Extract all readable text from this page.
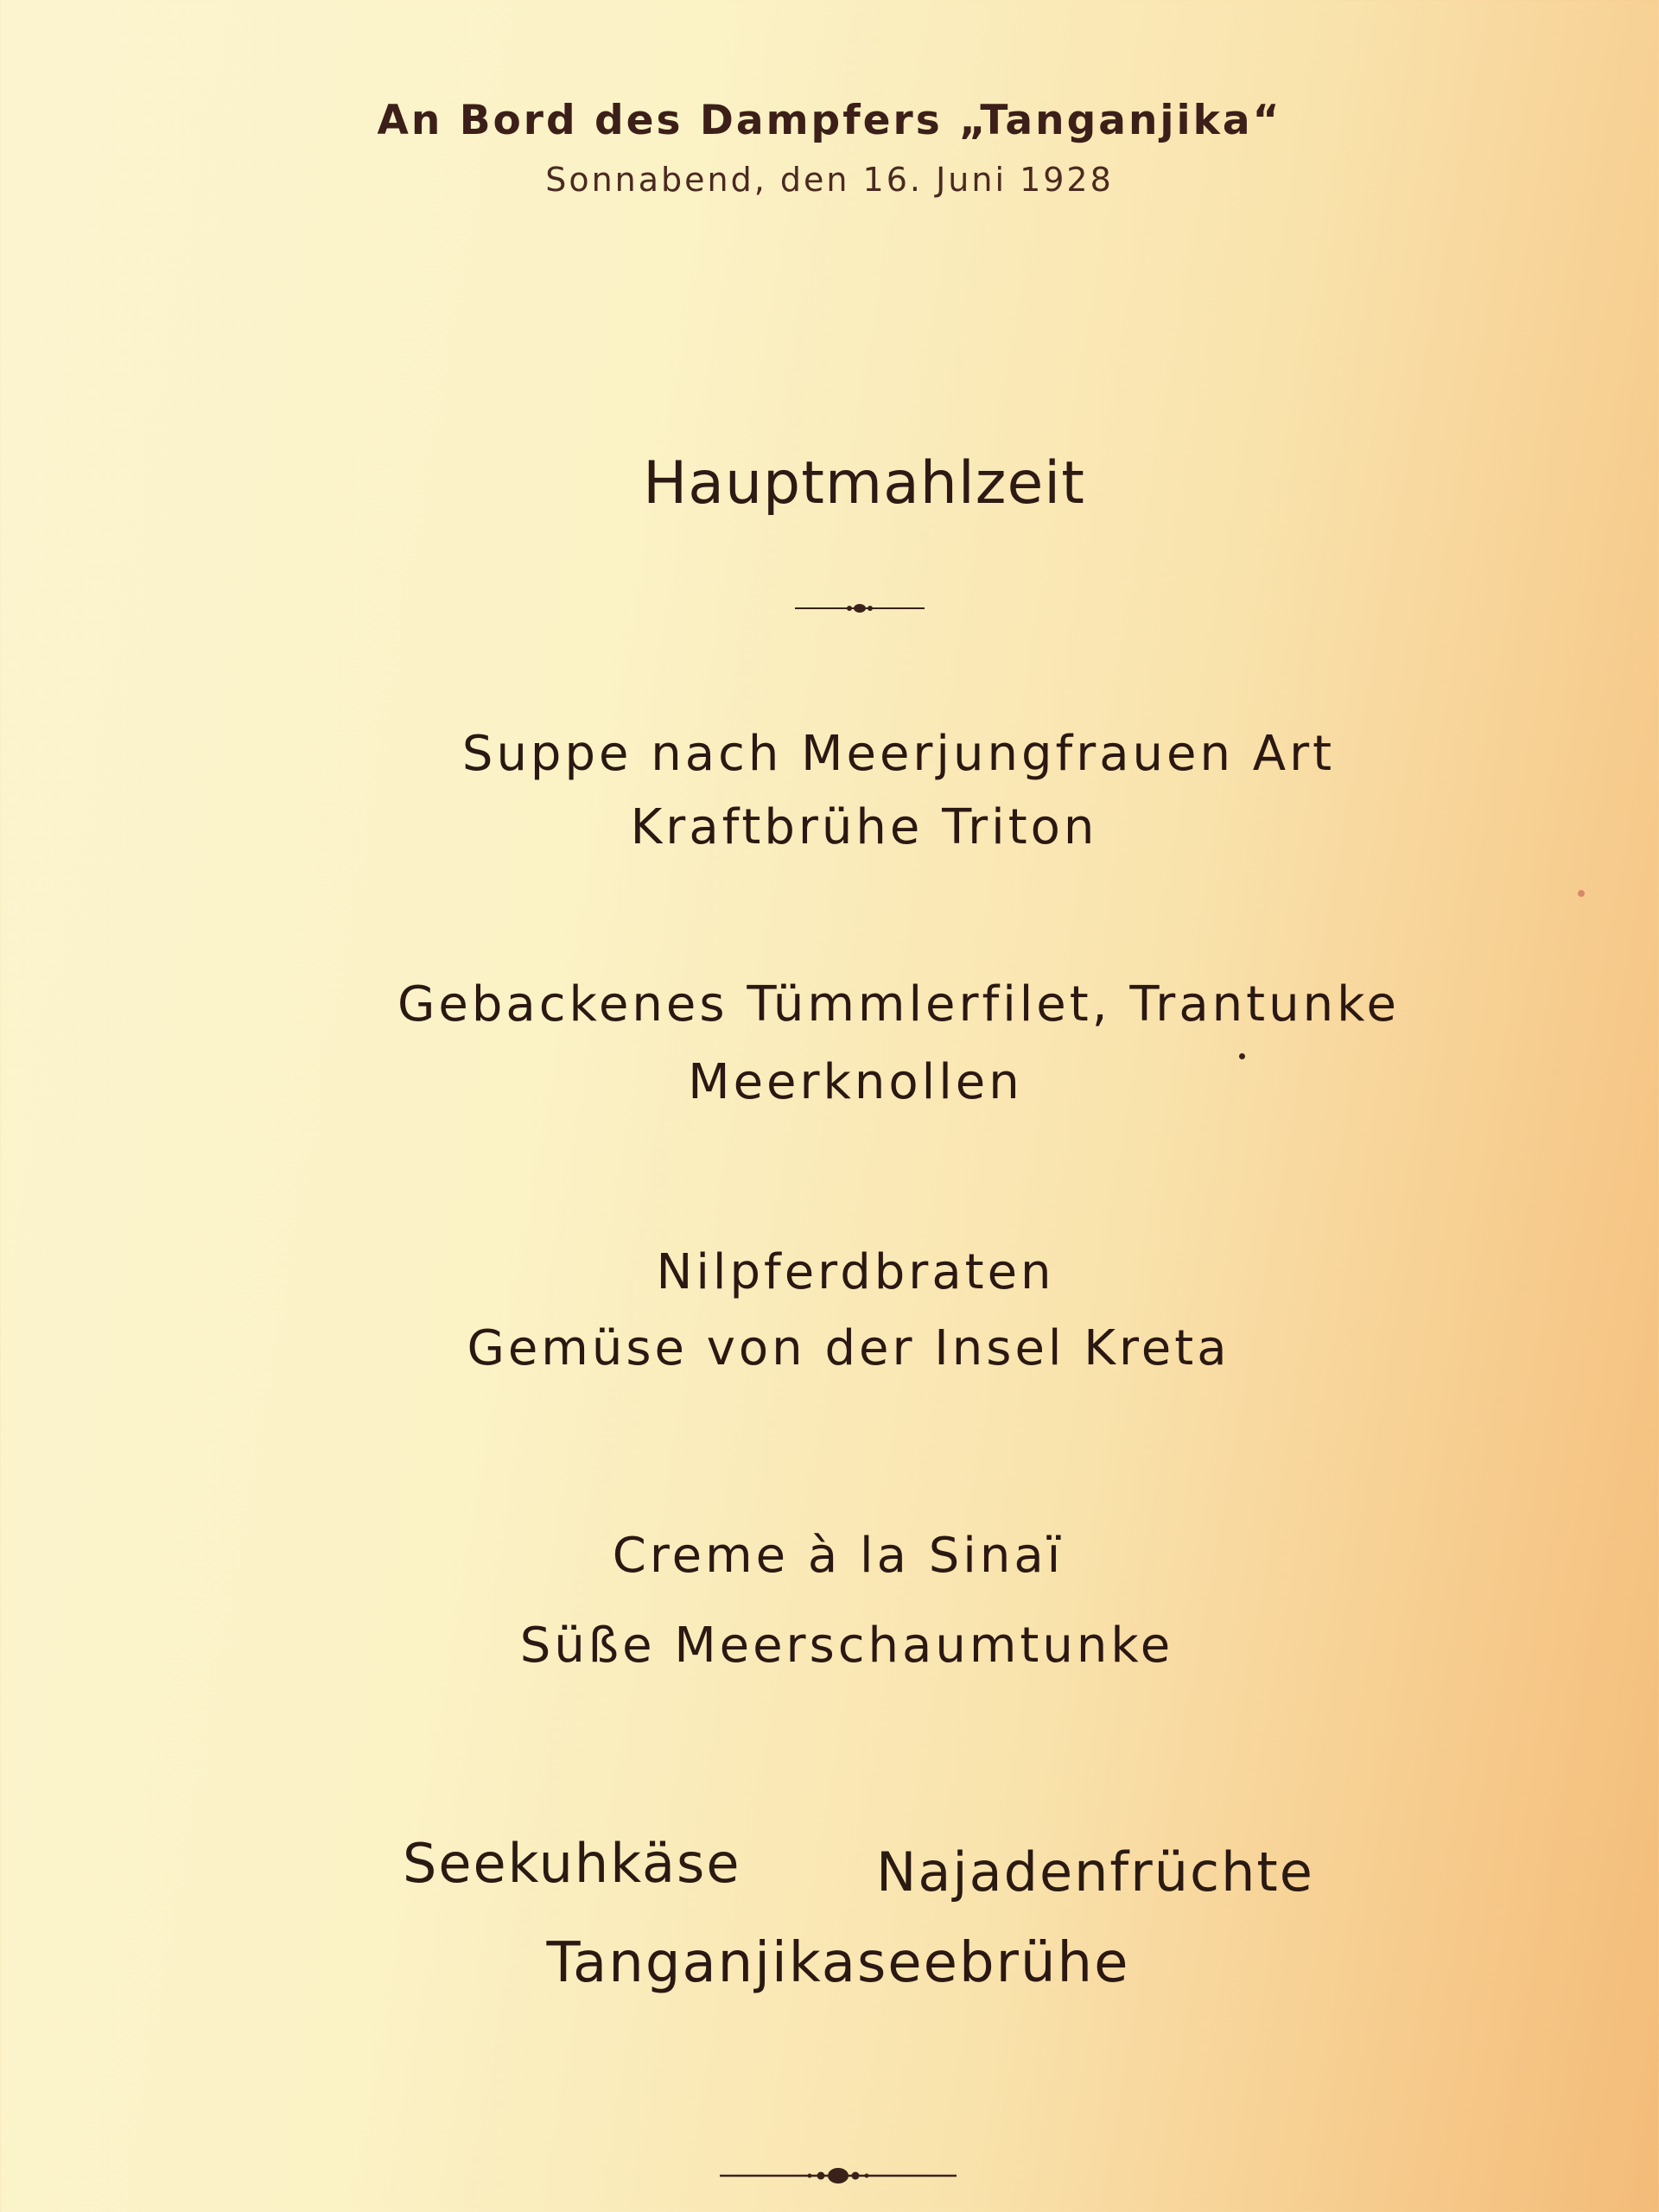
An Bord des Dampfers „Tanganjika“
Sonnabend, den 16. Juni 1928
Hauptmahlzeit
Suppe nach Meerjungfrauen Art
Kraftbrühe Triton
Gebackenes Tümmlerfilet, Trantunke
Meerknollen
Nilpferdbraten
Gemüse von der Insel Kreta
Creme à la Sinaï
Süße Meerschaumtunke
Seekuhkäse	Najadenfrüchte
Tanganjikaseebrühe
